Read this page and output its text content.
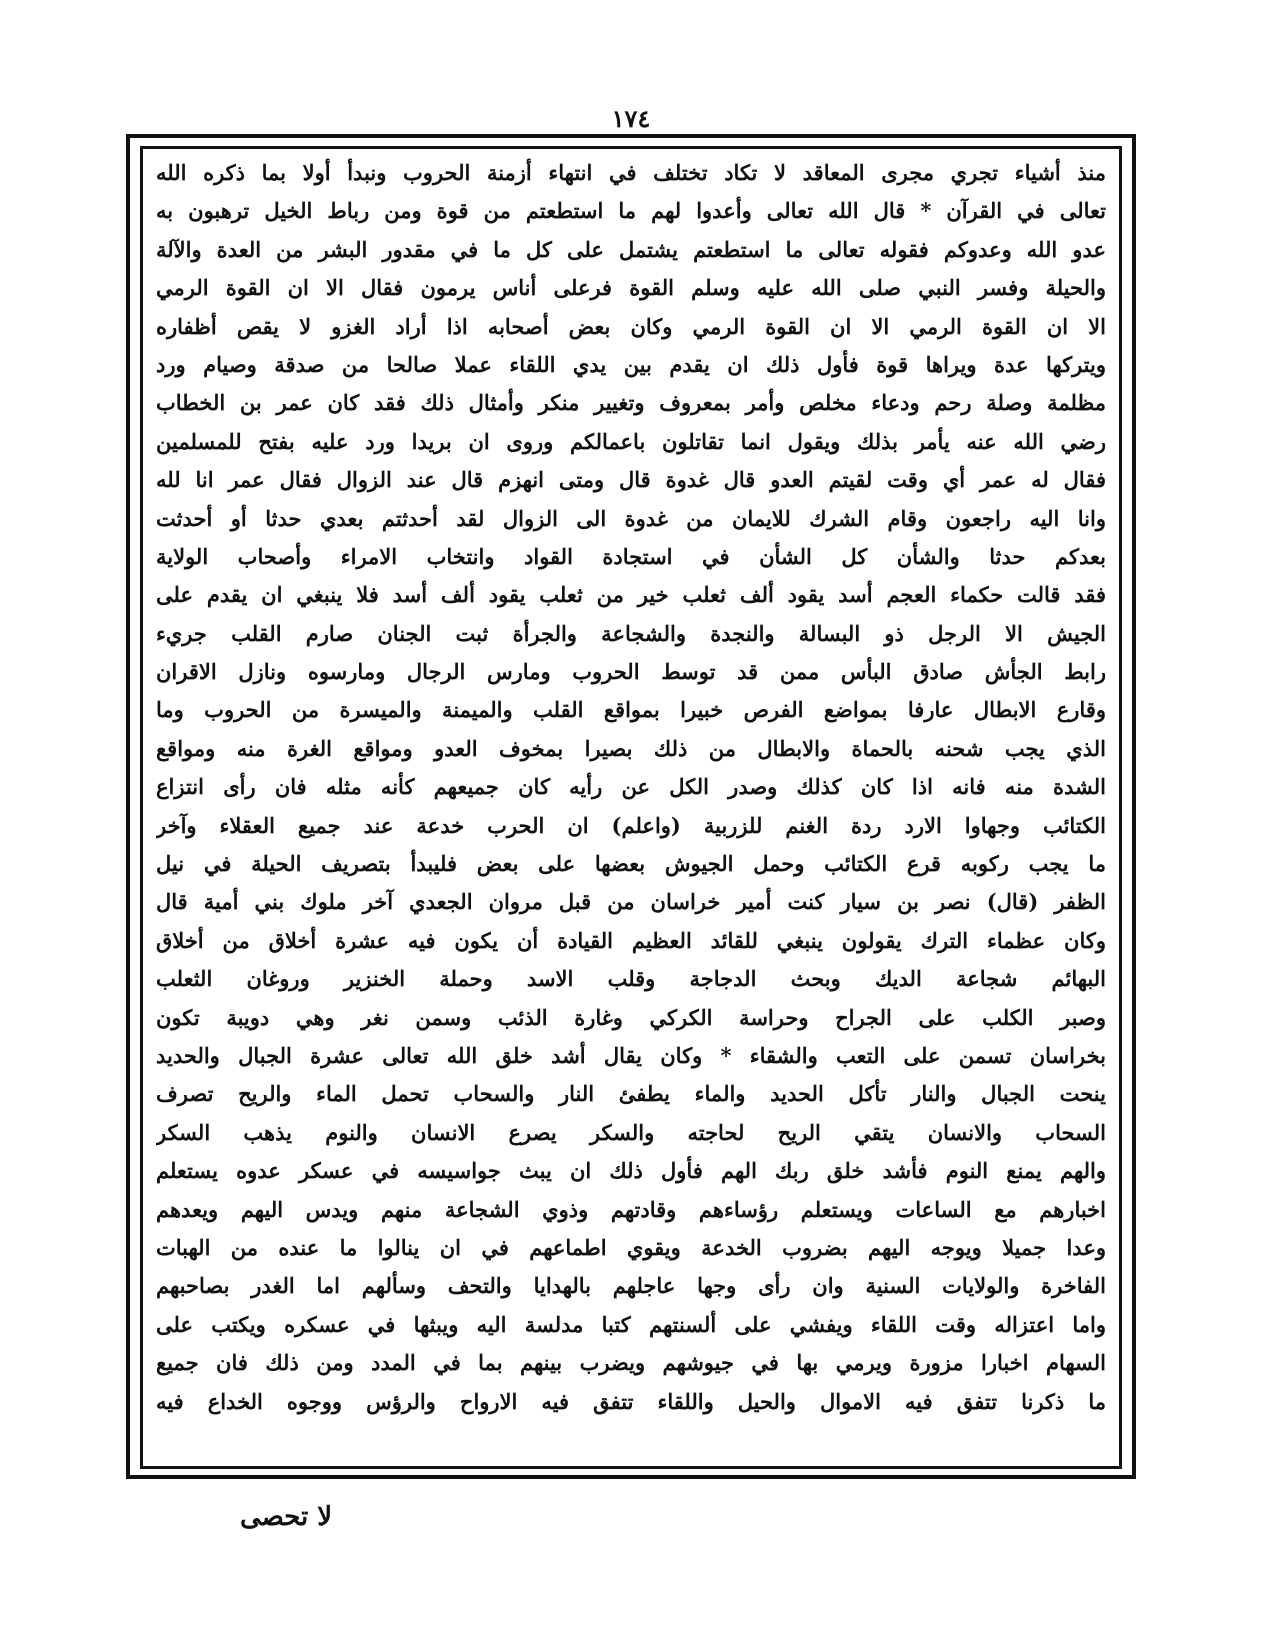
١٧٤
منذ أشياء تجري مجرى المعاقد لا تكاد تختلف في انتهاء أزمنة الحروب ونبدأ أولا بما ذكره الله
تعالى في القرآن * قال الله تعالى وأعدوا لهم ما استطعتم من قوة ومن رباط الخيل ترهبون به
عدو الله وعدوكم فقوله تعالى ما استطعتم يشتمل على كل ما في مقدور البشر من العدة والآلة
والحيلة وفسر النبي صلى الله عليه وسلم القوة فرعلى أناس يرمون فقال الا ان القوة الرمي
الا ان القوة الرمي الا ان القوة الرمي وكان بعض أصحابه اذا أراد الغزو لا يقص أظفاره
ويتركها عدة ويراها قوة فأول ذلك ان يقدم بين يدي اللقاء عملا صالحا من صدقة وصيام ورد
مظلمة وصلة رحم ودعاء مخلص وأمر بمعروف وتغيير منكر وأمثال ذلك فقد كان عمر بن الخطاب
رضي الله عنه يأمر بذلك ويقول انما تقاتلون باعمالكم وروى ان بريدا ورد عليه بفتح للمسلمين
فقال له عمر أي وقت لقيتم العدو قال غدوة قال ومتى انهزم قال عند الزوال فقال عمر انا لله
وانا اليه راجعون وقام الشرك للايمان من غدوة الى الزوال لقد أحدثتم بعدي حدثا أو أحدثت
بعدكم حدثا والشأن كل الشأن في استجادة القواد وانتخاب الامراء وأصحاب الولاية
فقد قالت حكماء العجم أسد يقود ألف ثعلب خير من ثعلب يقود ألف أسد فلا ينبغي ان يقدم على
الجيش الا الرجل ذو البسالة والنجدة والشجاعة والجرأة ثبت الجنان صارم القلب جريء
رابط الجأش صادق البأس ممن قد توسط الحروب ومارس الرجال ومارسوه ونازل الاقران
وقارع الابطال عارفا بمواضع الفرص خبيرا بمواقع القلب والميمنة والميسرة من الحروب وما
الذي يجب شحنه بالحماة والابطال من ذلك بصيرا بمخوف العدو ومواقع الغرة منه ومواقع
الشدة منه فانه اذا كان كذلك وصدر الكل عن رأيه كان جميعهم كأنه مثله فان رأى انتزاع
الكتائب وجهاوا الارد ردة الغنم للزربية (واعلم) ان الحرب خدعة عند جميع العقلاء وآخر
ما يجب ركوبه قرع الكتائب وحمل الجيوش بعضها على بعض فليبدأ بتصريف الحيلة في نيل
الظفر (قال) نصر بن سيار كنت أمير خراسان من قبل مروان الجعدي آخر ملوك بني أمية قال
وكان عظماء الترك يقولون ينبغي للقائد العظيم القيادة أن يكون فيه عشرة أخلاق من أخلاق
البهائم شجاعة الديك وبحث الدجاجة وقلب الاسد وحملة الخنزير وروغان الثعلب
وصبر الكلب على الجراح وحراسة الكركي وغارة الذئب وسمن نغر وهي دويبة تكون
بخراسان تسمن على التعب والشقاء * وكان يقال أشد خلق الله تعالى عشرة الجبال والحديد
ينحت الجبال والنار تأكل الحديد والماء يطفئ النار والسحاب تحمل الماء والريح تصرف
السحاب والانسان يتقي الريح لحاجته والسكر يصرع الانسان والنوم يذهب السكر
والهم يمنع النوم فأشد خلق ربك الهم فأول ذلك ان يبث جواسيسه في عسكر عدوه يستعلم
اخبارهم مع الساعات ويستعلم رؤساءهم وقادتهم وذوي الشجاعة منهم ويدس اليهم ويعدهم
وعدا جميلا ويوجه اليهم بضروب الخدعة ويقوي اطماعهم في ان ينالوا ما عنده من الهبات
الفاخرة والولايات السنية وان رأى وجها عاجلهم بالهدايا والتحف وسألهم اما الغدر بصاحبهم
واما اعتزاله وقت اللقاء ويفشي على ألسنتهم كتبا مدلسة اليه ويبثها في عسكره ويكتب على
السهام اخبارا مزورة ويرمي بها في جيوشهم ويضرب بينهم بما في المدد ومن ذلك فان جميع
ما ذكرنا تتفق فيه الاموال والحيل واللقاء تتفق فيه الارواح والرؤس ووجوه الخداع فيه
لا تحصى
